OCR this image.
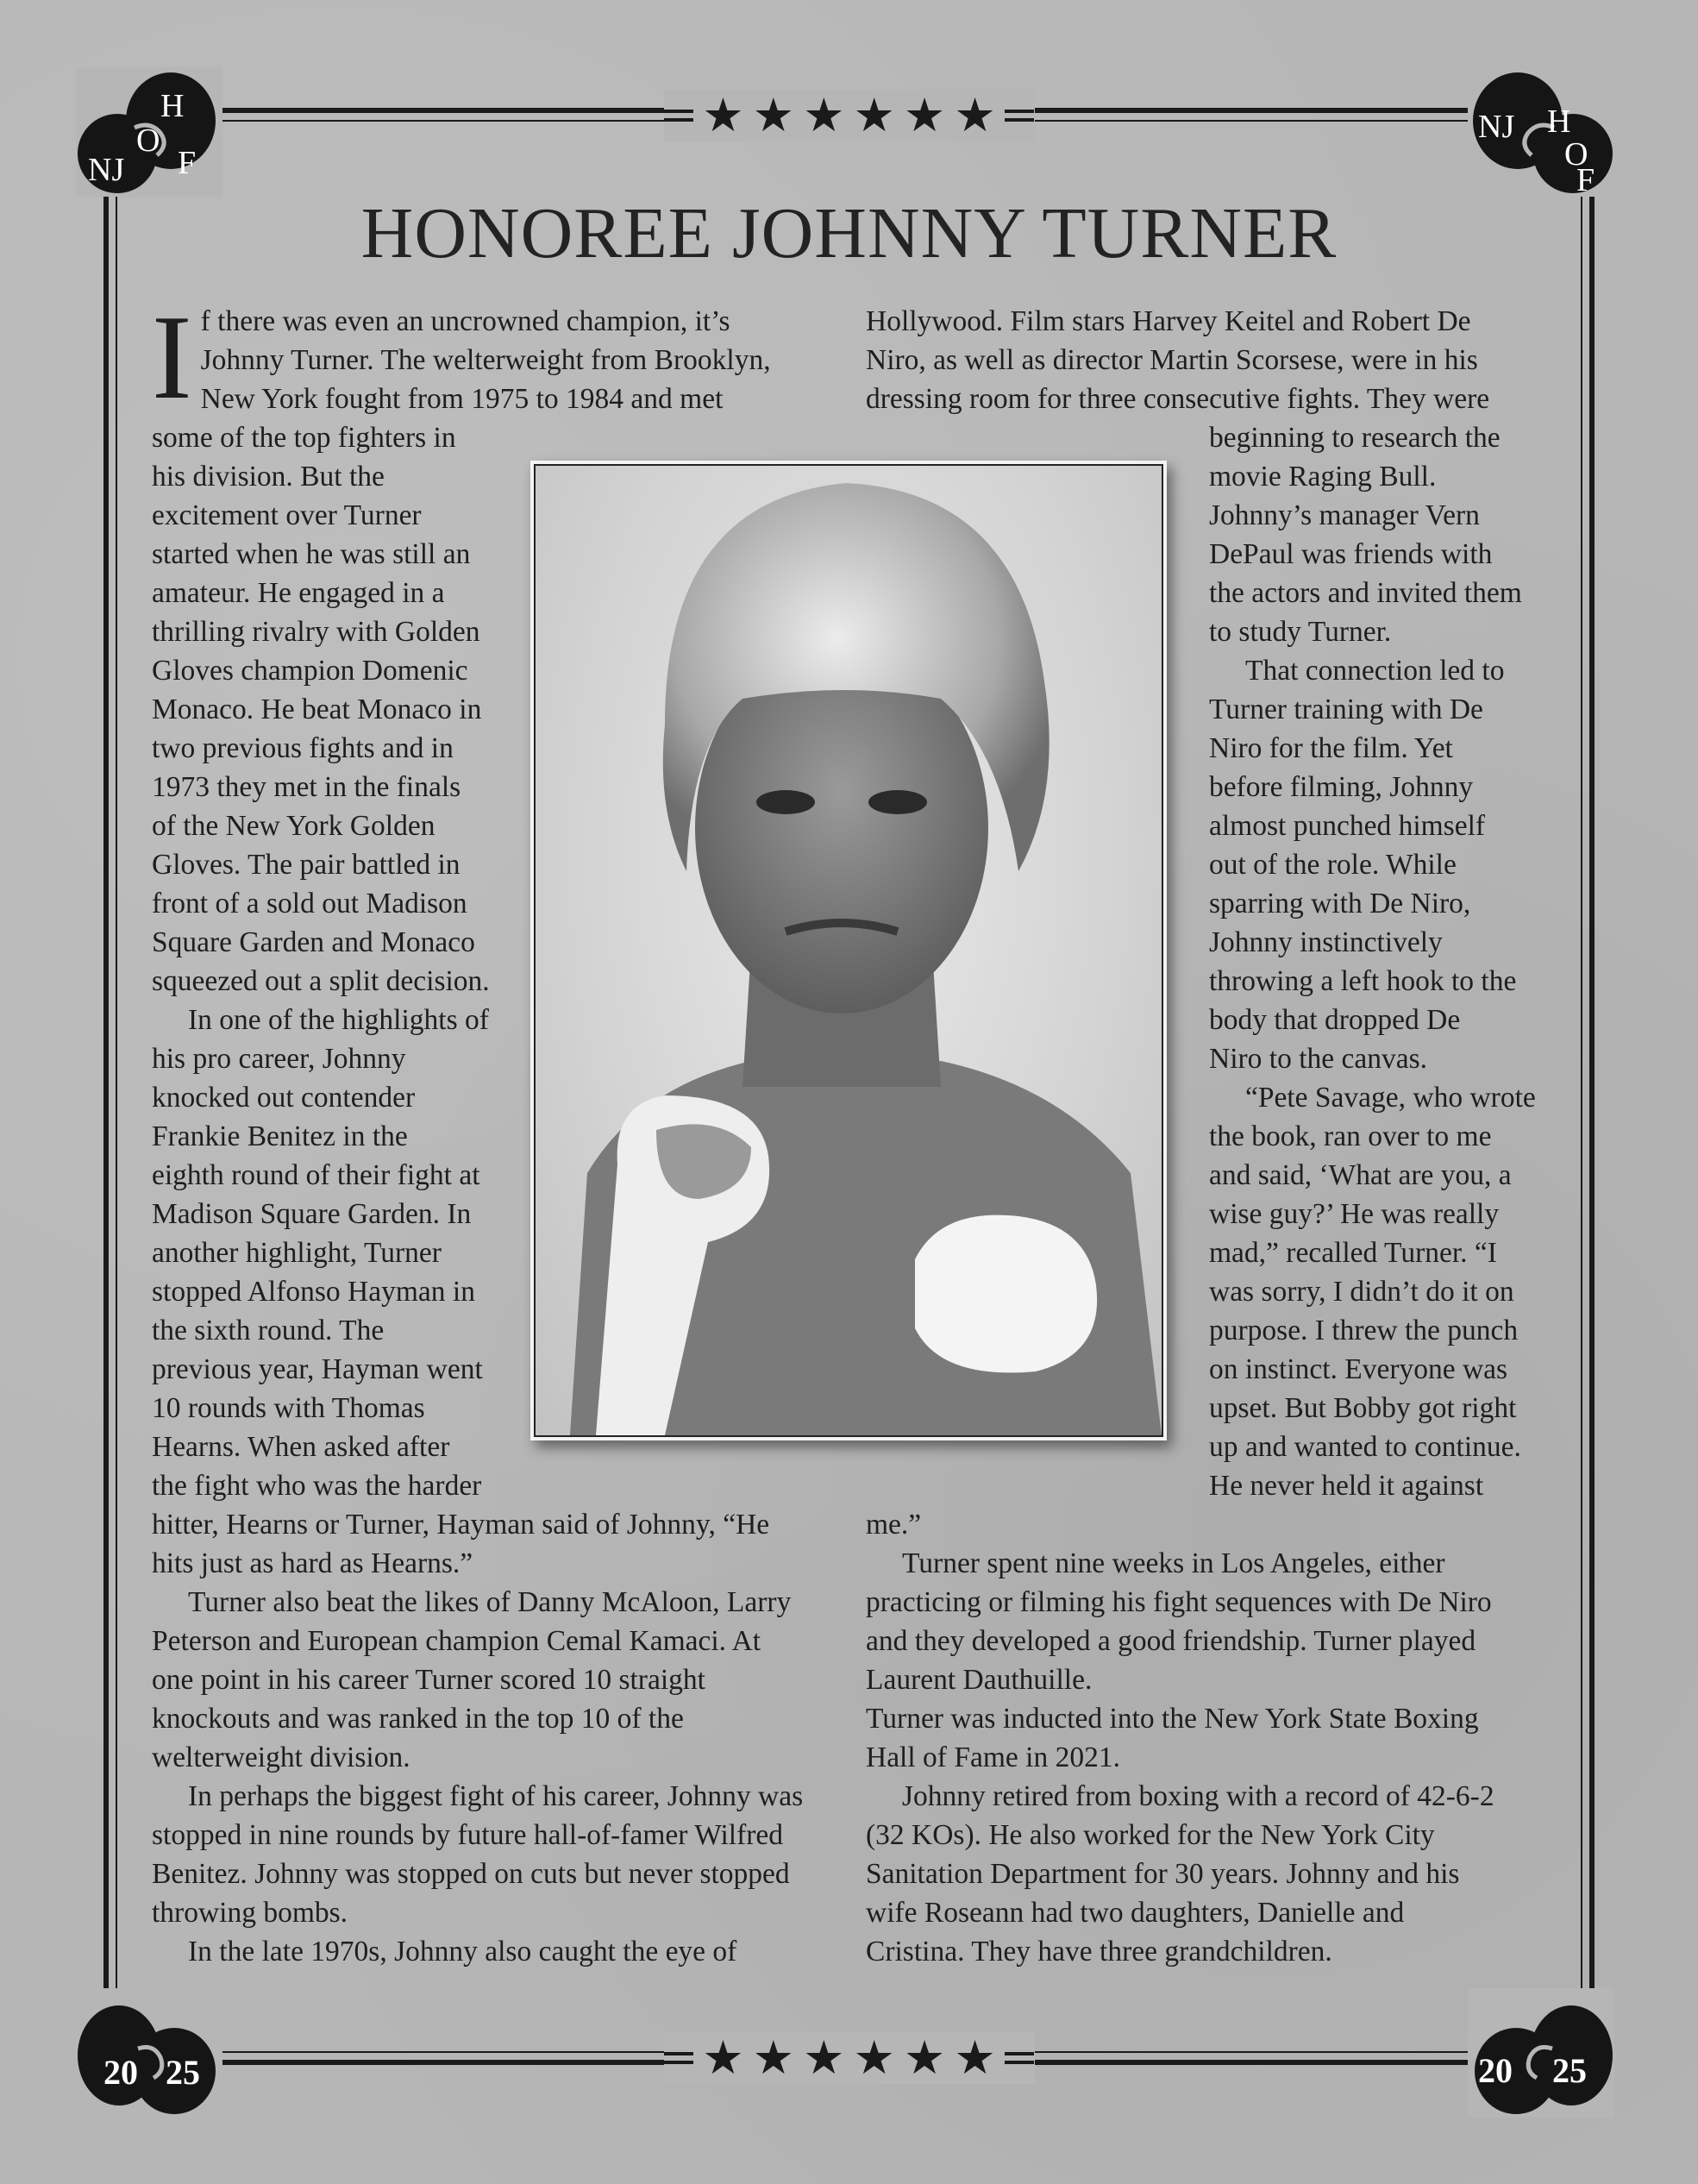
★ ★ ★ ★ ★ ★
★ ★ ★ ★ ★ ★
NJ
H
O
F
NJ H
O
F
20 25	20 25
HONOREE JOHNNY TURNER
I f there was even an uncrowned champion, it’s
Johnny Turner. The welterweight from Brooklyn,
New York fought from 1975 to 1984 and met
some of the top fighters in
his division. But the
excitement over Turner
started when he was still an
amateur. He engaged in a
thrilling rivalry with Golden
Gloves champion Domenic
Monaco. He beat Monaco in
two previous fights and in
1973 they met in the finals
of the New York Golden
Gloves. The pair battled in
front of a sold out Madison
Square Garden and Monaco
squeezed out a split decision.
In one of the highlights of
his pro career, Johnny
knocked out contender
Frankie Benitez in the
eighth round of their fight at
Madison Square Garden. In
another highlight, Turner
stopped Alfonso Hayman in
the sixth round. The
previous year, Hayman went
10 rounds with Thomas
Hearns. When asked after
the fight who was the harder
hitter, Hearns or Turner, Hayman said of Johnny, “He
hits just as hard as Hearns.”
Turner also beat the likes of Danny McAloon, Larry
Peterson and European champion Cemal Kamaci. At
one point in his career Turner scored 10 straight
knockouts and was ranked in the top 10 of the
welterweight division.
In perhaps the biggest fight of his career, Johnny was
stopped in nine rounds by future hall-of-famer Wilfred
Benitez. Johnny was stopped on cuts but never stopped
throwing bombs.
In the late 1970s, Johnny also caught the eye of
Hollywood. Film stars Harvey Keitel and Robert De
Niro, as well as director Martin Scorsese, were in his
dressing room for three consecutive fights. They were
beginning to research the
movie Raging Bull.
Johnny’s manager Vern
DePaul was friends with
the actors and invited them
to study Turner.
That connection led to
Turner training with De
Niro for the film. Yet
before filming, Johnny
almost punched himself
out of the role. While
sparring with De Niro,
Johnny instinctively
throwing a left hook to the
body that dropped De
Niro to the canvas.
“Pete Savage, who wrote
the book, ran over to me
and said, ‘What are you, a
wise guy?’ He was really
mad,” recalled Turner. “I
was sorry, I didn’t do it on
purpose. I threw the punch
on instinct. Everyone was
upset. But Bobby got right
up and wanted to continue.
He never held it against
me.”
Turner spent nine weeks in Los Angeles, either
practicing or filming his fight sequences with De Niro
and they developed a good friendship. Turner played
Laurent Dauthuille.
Turner was inducted into the New York State Boxing
Hall of Fame in 2021.
Johnny retired from boxing with a record of 42-6-2
(32 KOs). He also worked for the New York City
Sanitation Department for 30 years. Johnny and his
wife Roseann had two daughters, Danielle and
Cristina. They have three grandchildren.
